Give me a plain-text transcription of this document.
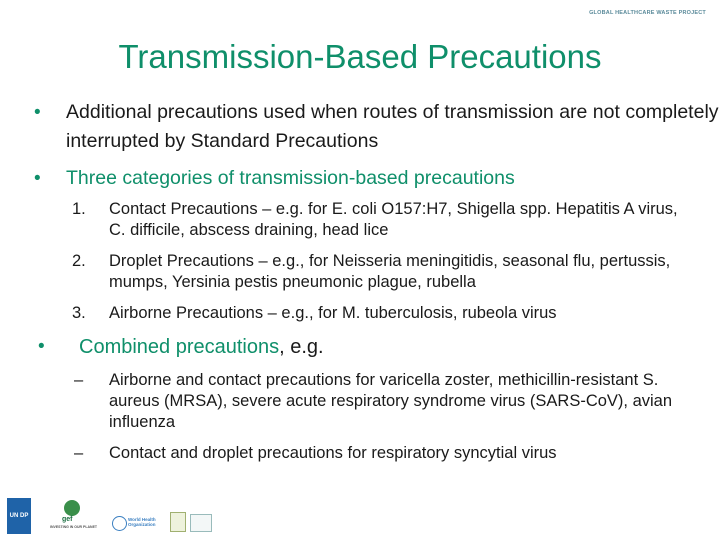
GLOBAL HEALTHCARE WASTE PROJECT
Transmission-Based Precautions
• Additional precautions used when routes of transmission are not completely interrupted by Standard Precautions
• Three categories of transmission-based precautions
1. Contact Precautions – e.g. for E. coli O157:H7, Shigella spp. Hepatitis A virus, C. difficile, abscess draining, head lice
2. Droplet Precautions – e.g., for Neisseria meningitidis, seasonal flu, pertussis, mumps, Yersinia pestis pneumonic plague, rubella
3. Airborne Precautions – e.g., for M. tuberculosis, rubeola virus
• Combined precautions, e.g.
– Airborne and contact precautions for varicella zoster, methicillin-resistant S. aureus (MRSA), severe acute respiratory syndrome virus (SARS-CoV), avian influenza
– Contact and droplet precautions for respiratory syncytial virus
UN DP	gef
INVESTING IN OUR PLANET
World Health Organization
